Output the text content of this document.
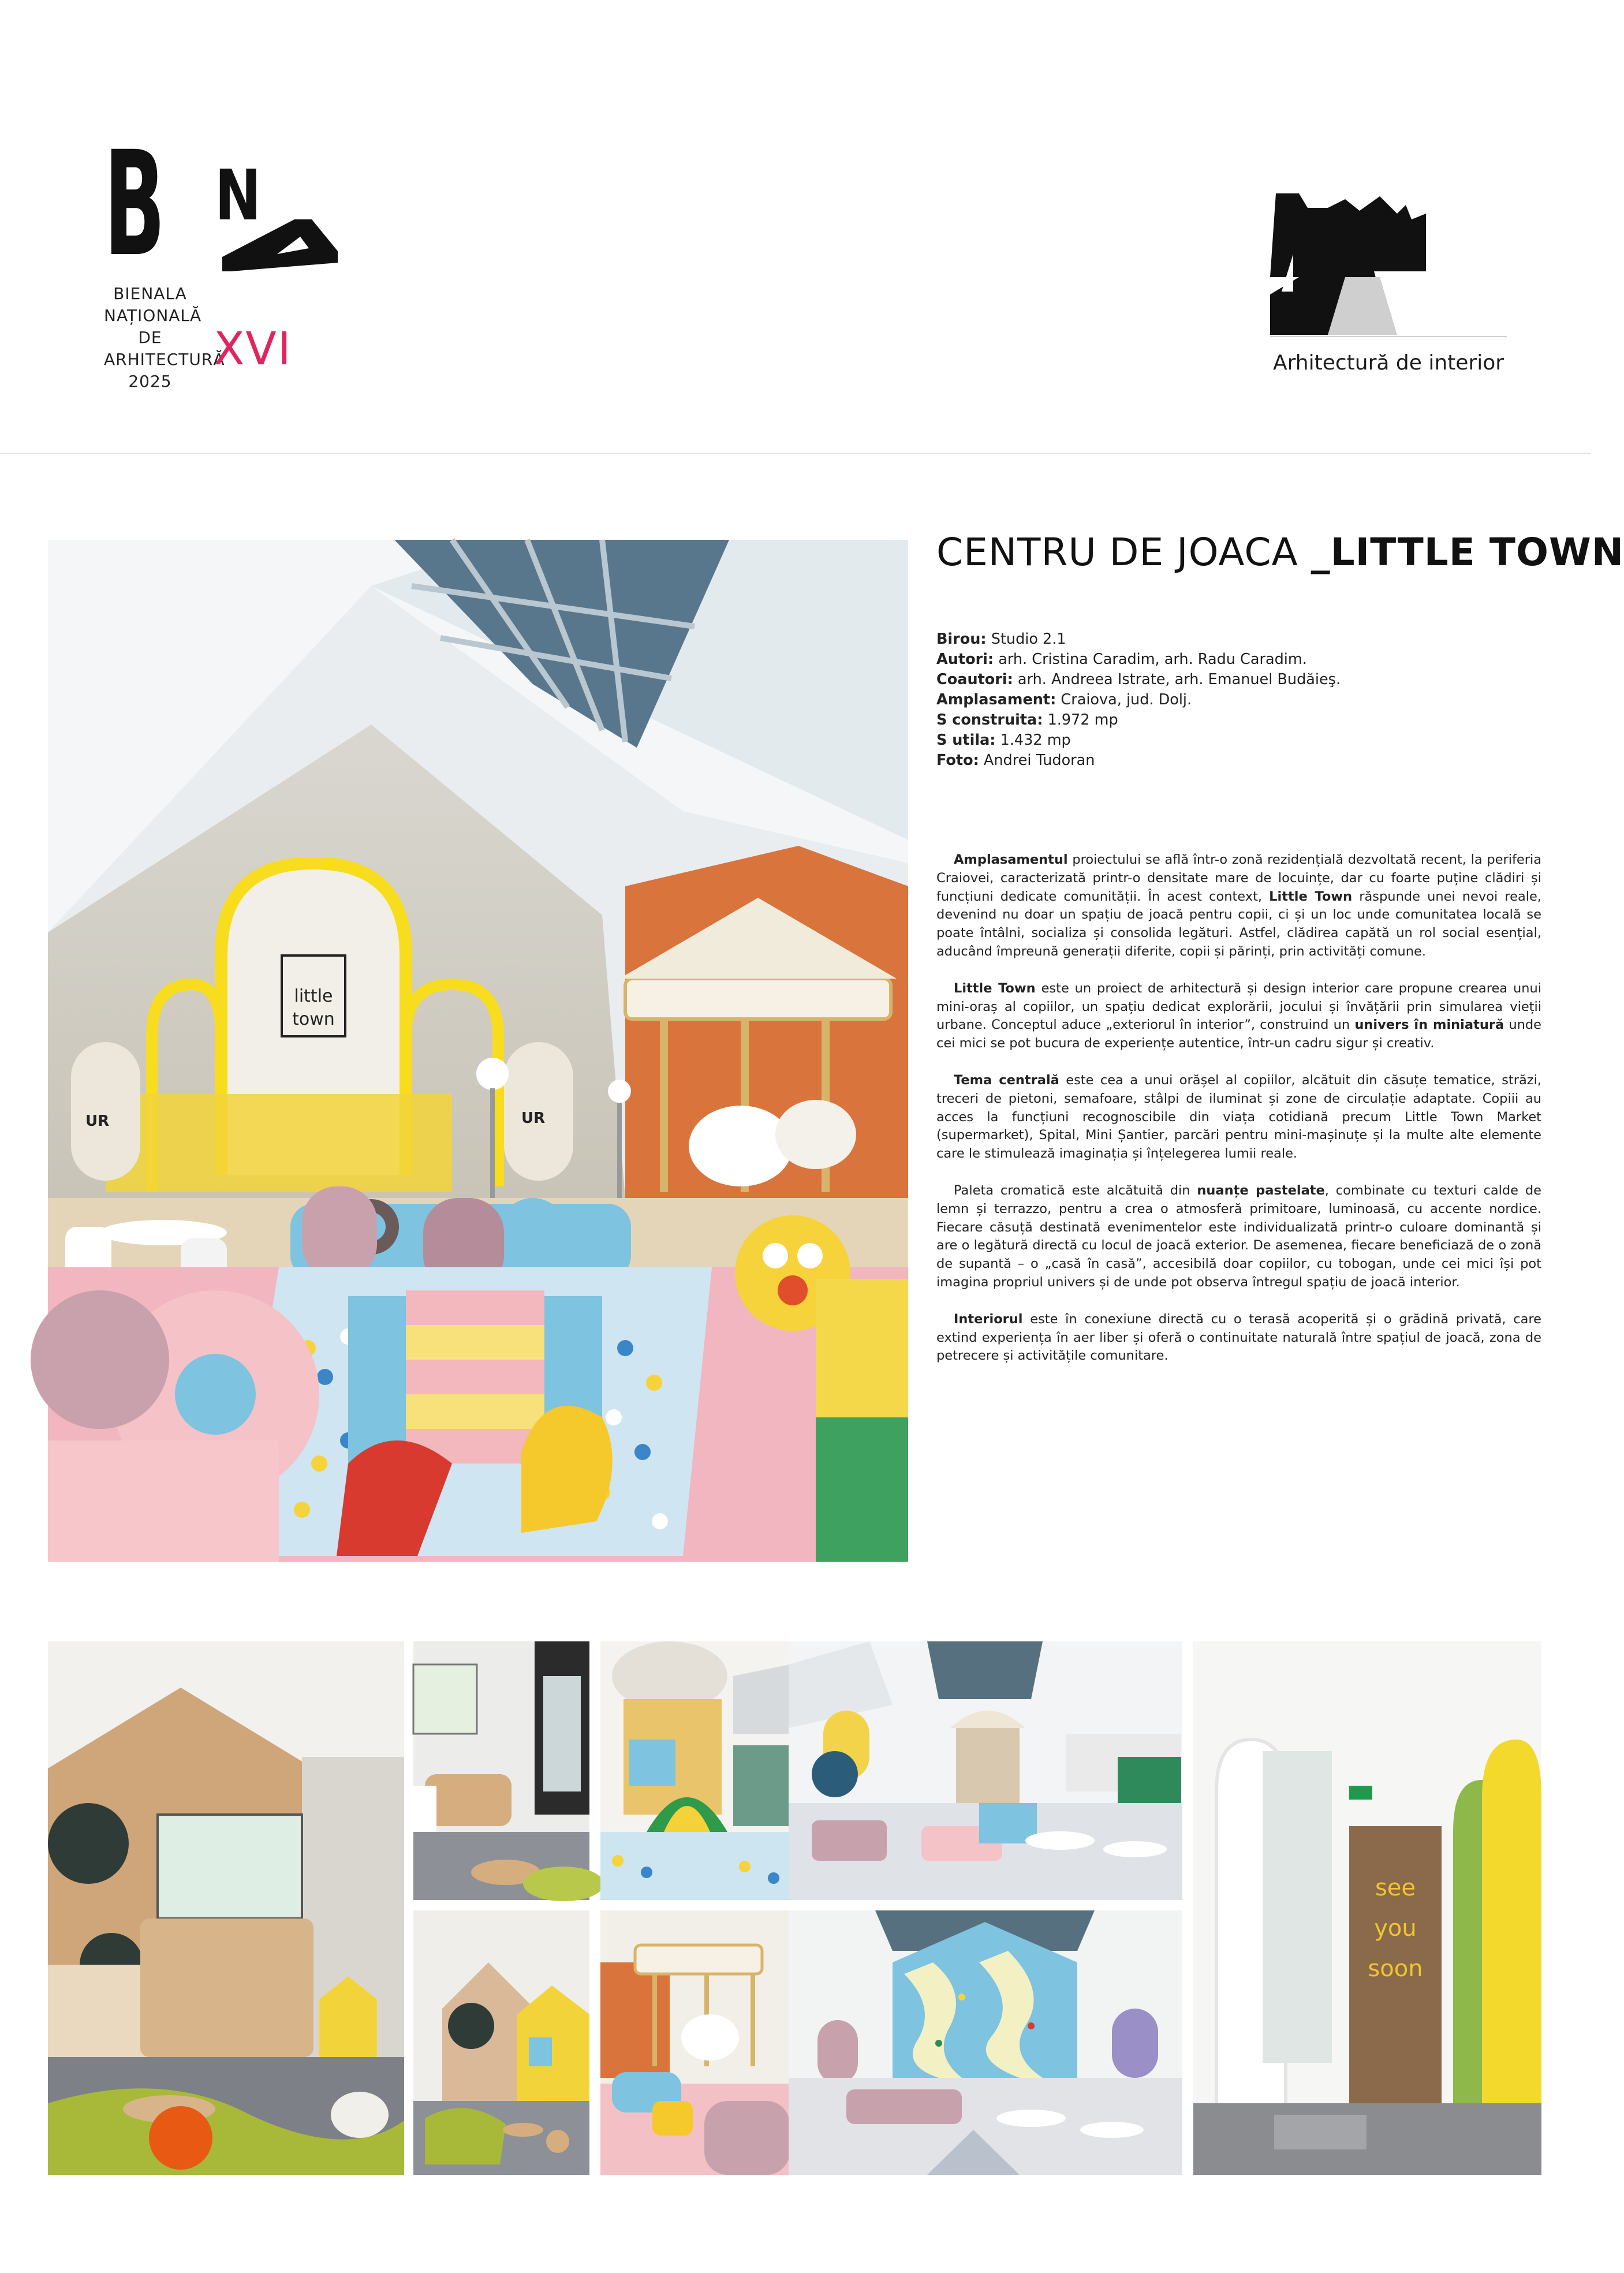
B N
BIENALA
NAȚIONALĂ
DE
ARHITECTURĂ
2025
XVI	Arhitectură de interior
UR	UR
little
town
CENTRU DE JOACA _LITTLE TOWN
Birou: Studio 2.1
Autori: arh. Cristina Caradim, arh. Radu Caradim.
Coautori: arh. Andreea Istrate, arh. Emanuel Budăieş.
Amplasament: Craiova, jud. Dolj.
S construita: 1.972 mp
S utila: 1.432 mp
Foto: Andrei Tudoran

Amplasamentul proiectului se află într-o zonă rezidențială dezvoltată recent, la periferia Craiovei, caracterizată printr-o densitate mare de locuințe, dar cu foarte puține clădiri și funcțiuni dedicate comunității. În acest context, Little Town răspunde unei nevoi reale, devenind nu doar un spațiu de joacă pentru copii, ci și un loc unde comunitatea locală se poate întâlni, socializa și consolida legături. Astfel, clădirea capătă un rol social esențial, aducând împreună generații diferite, copii și părinți, prin activități comune.

Little Town este un proiect de arhitectură și design interior care propune crearea unui mini-oraș al copiilor, un spațiu dedicat explorării, jocului și învățării prin simularea vieții urbane. Conceptul aduce „exteriorul în interior”, construind un univers în miniatură unde cei mici se pot bucura de experiențe autentice, într-un cadru sigur și creativ.

Tema centrală este cea a unui orășel al copiilor, alcătuit din căsuțe tematice, străzi, treceri de pietoni, semafoare, stâlpi de iluminat și zone de circulație adaptate. Copiii au acces la funcțiuni recognoscibile din viața cotidiană precum Little Town Market (supermarket), Spital, Mini Șantier, parcări pentru mini-mașinuțe și la multe alte elemente care le stimulează imaginația și înțelegerea lumii reale.

Paleta cromatică este alcătuită din nuanțe pastelate, combinate cu texturi calde de lemn și terrazzo, pentru a crea o atmosferă primitoare, luminoasă, cu accente nordice. Fiecare căsuță destinată evenimentelor este individualizată printr-o culoare dominantă și are o legătură directă cu locul de joacă exterior. De asemenea, fiecare beneficiază de o zonă de supantă – o „casă în casă”, accesibilă doar copiilor, cu tobogan, unde cei mici își pot imagina propriul univers și de unde pot observa întregul spațiu de joacă interior.

Interiorul este în conexiune directă cu o terasă acoperită și o grădină privată, care extind experiența în aer liber și oferă o continuitate naturală între spațiul de joacă, zona de petrecere și activitățile comunitare.

see
you
soon
